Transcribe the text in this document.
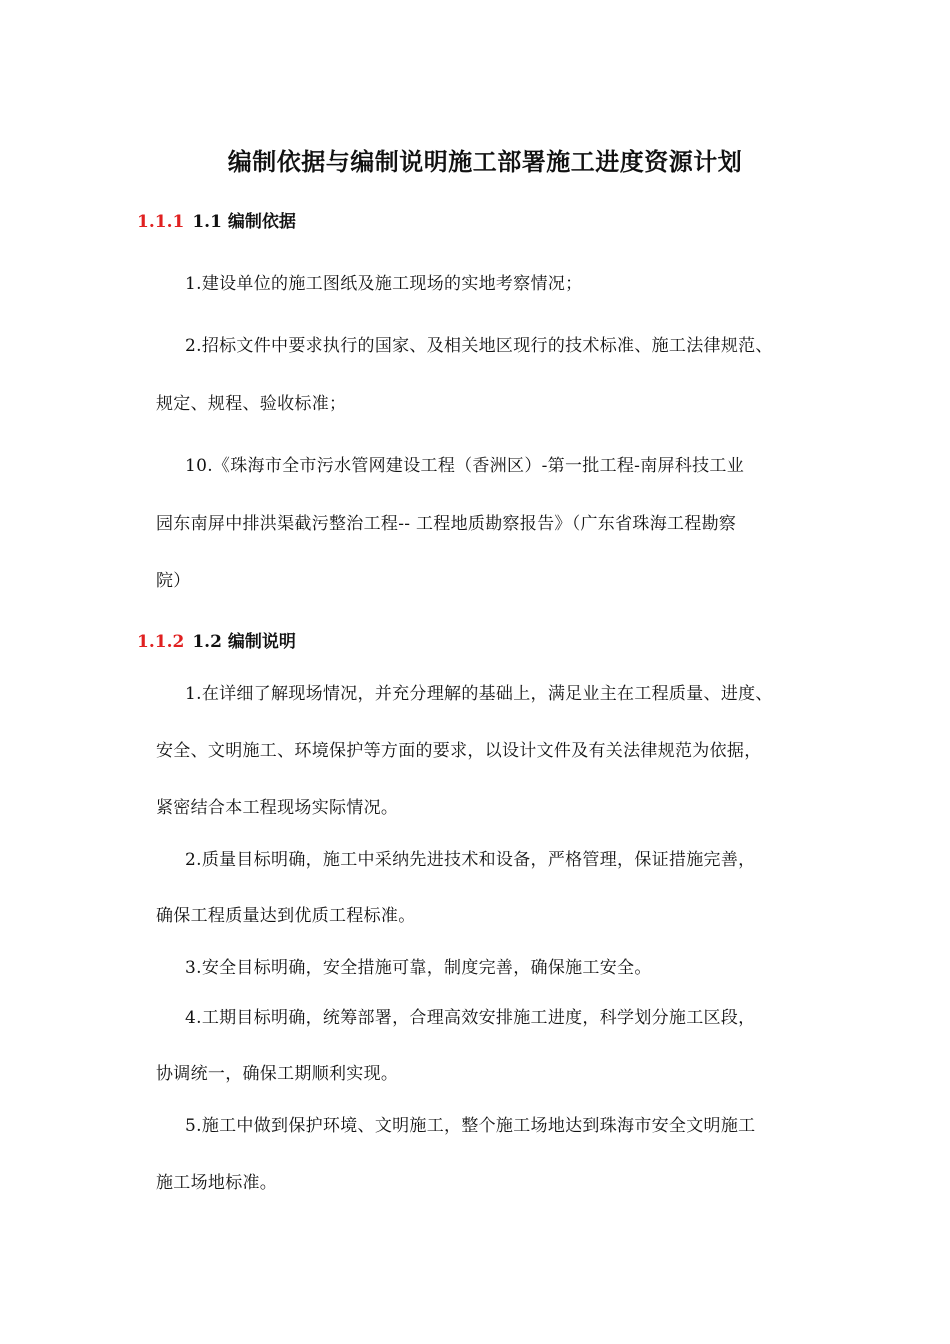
编制依据与编制说明施工部署施工进度资源计划
1.1.1 1.1 编制依据
1.建设单位的施工图纸及施工现场的实地考察情况；
2.招标文件中要求执行的国家、及相关地区现行的技术标准、施工法律规范、
规定、规程、验收标准；
10.《珠海市全市污水管网建设工程（香洲区）-第一批工程-南屏科技工业
园东南屏中排洪渠截污整治工程-- 工程地质勘察报告》（广东省珠海工程勘察
院）
1.1.2 1.2 编制说明
1.在详细了解现场情况，并充分理解的基础上，满足业主在工程质量、进度、
安全、文明施工、环境保护等方面的要求，以设计文件及有关法律规范为依据，
紧密结合本工程现场实际情况。
2.质量目标明确，施工中采纳先进技术和设备，严格管理，保证措施完善，
确保工程质量达到优质工程标准。
3.安全目标明确，安全措施可靠，制度完善，确保施工安全。
4.工期目标明确，统筹部署，合理高效安排施工进度，科学划分施工区段，
协调统一，确保工期顺利实现。
5.施工中做到保护环境、文明施工，整个施工场地达到珠海市安全文明施工
施工场地标准。
